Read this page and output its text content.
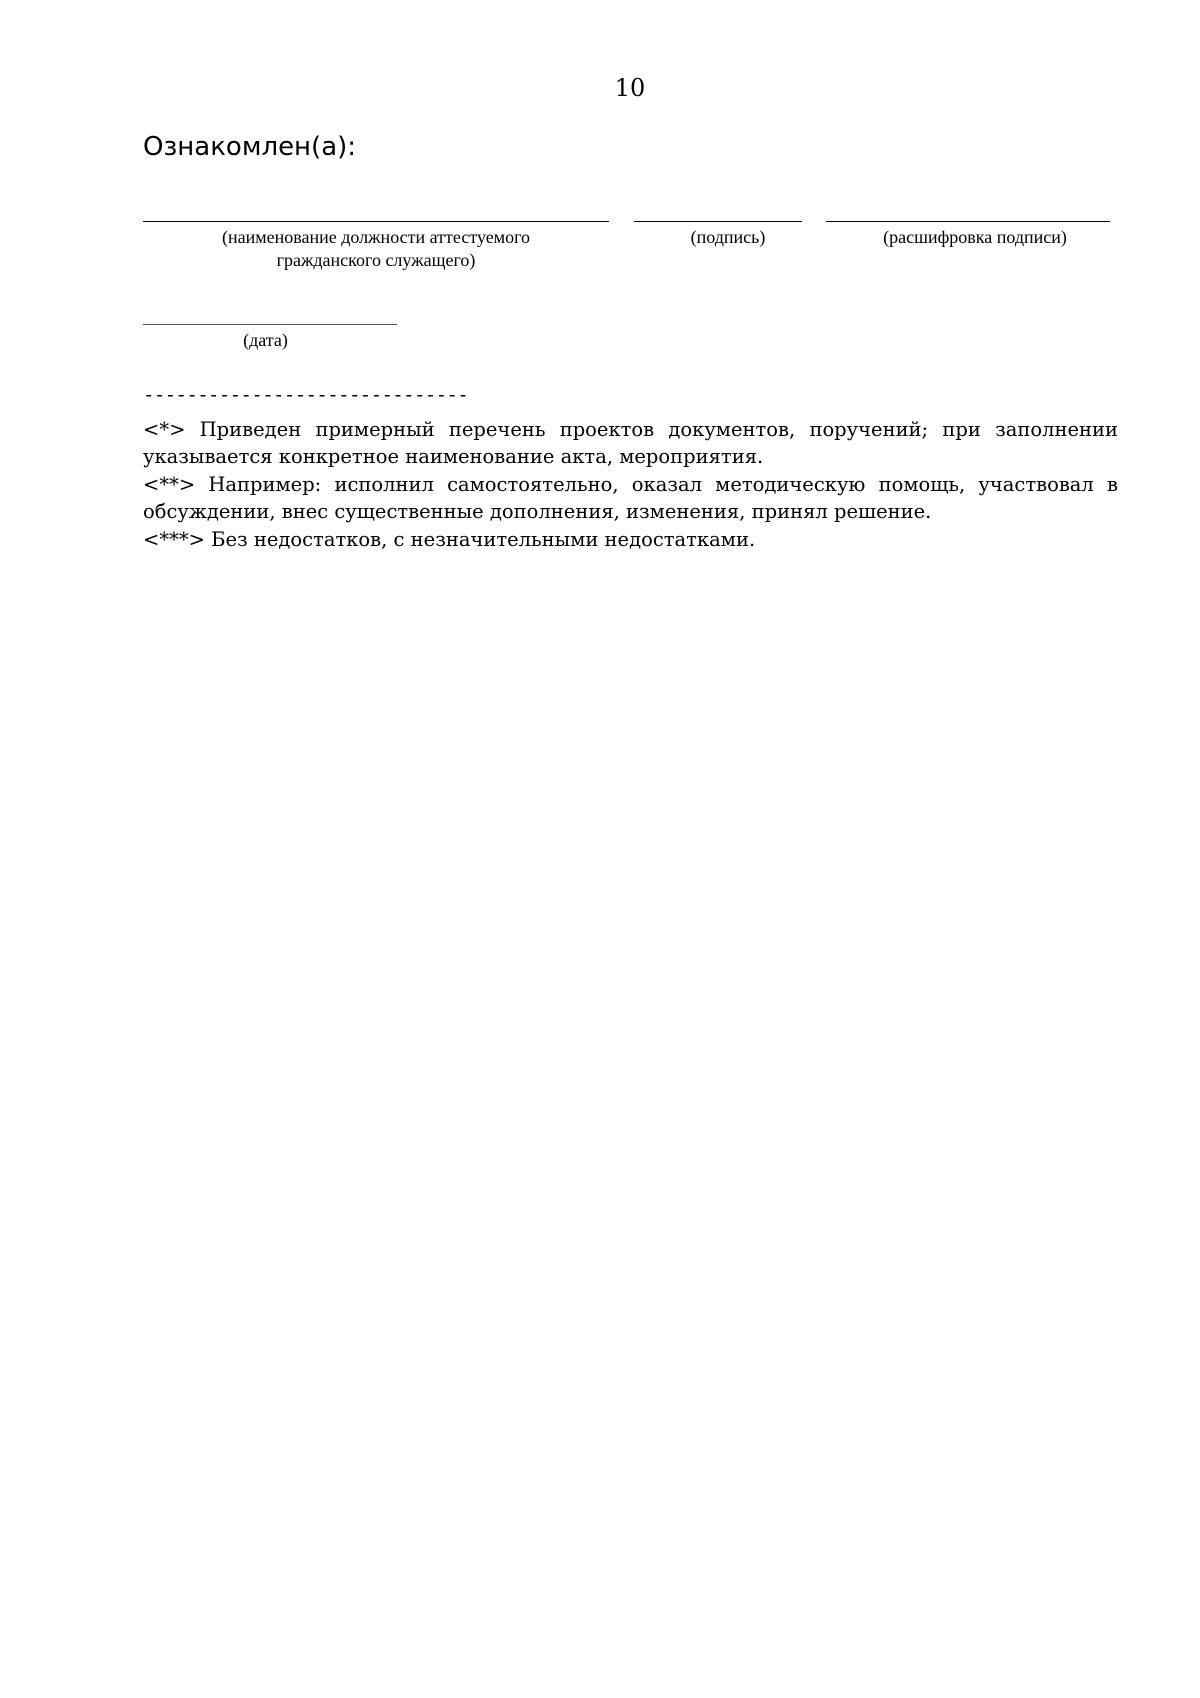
10
Ознакомлен(а):
(наименование должности аттестуемого
гражданского служащего)
(подпись)	(расшифровка подписи)
(дата)
------------------------------
<*> Приведен примерный перечень проектов документов, поручений; при заполнении указывается конкретное наименование акта, мероприятия.
<**> Например: исполнил самостоятельно, оказал методическую помощь, участвовал в обсуждении, внес существенные дополнения, изменения, принял решение.
<***> Без недостатков, с незначительными недостатками.
